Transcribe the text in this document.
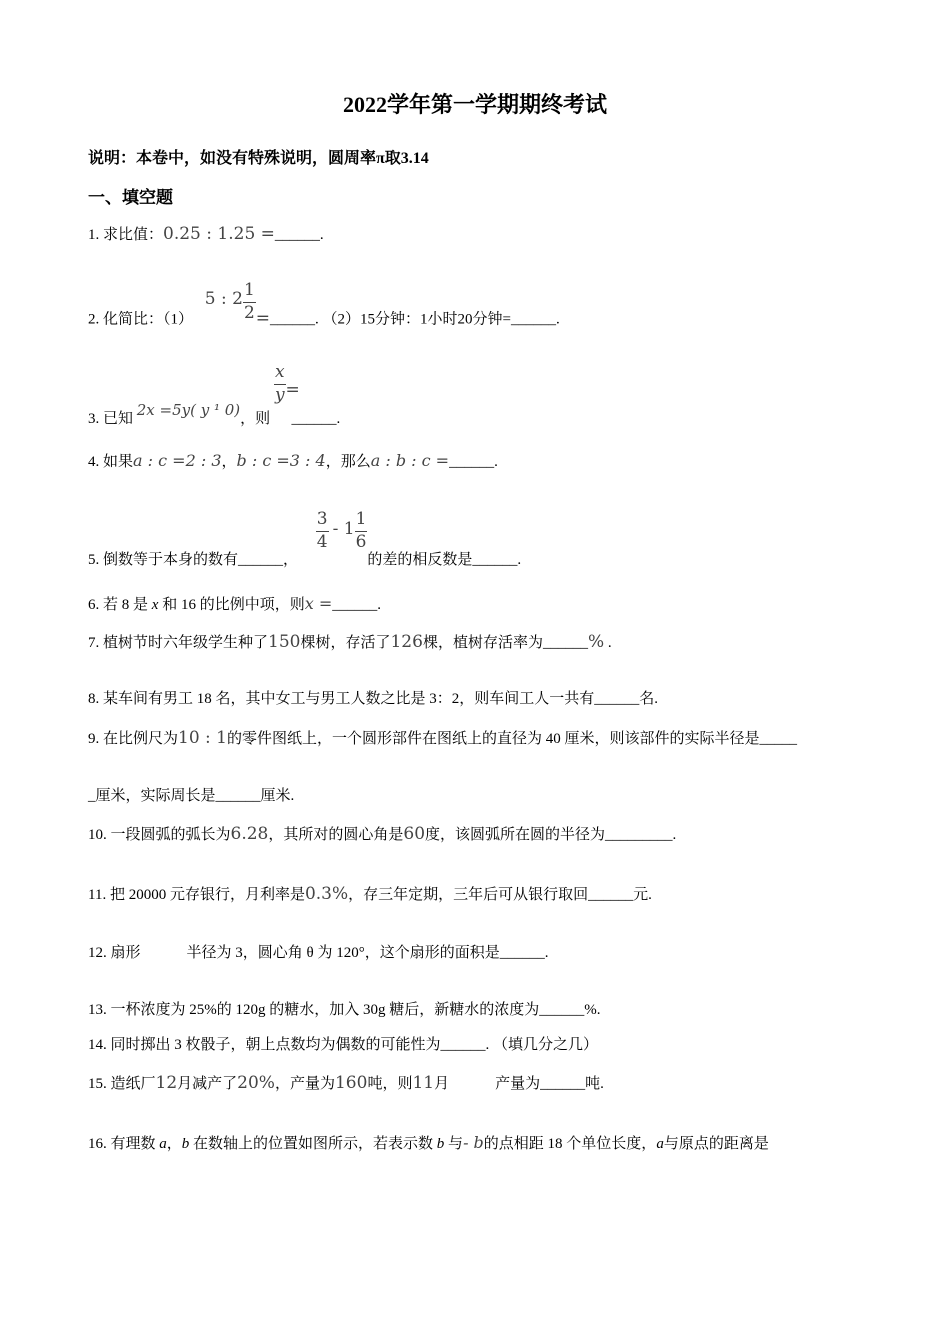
2022学年第一学期期终考试
说明：本卷中，如没有特殊说明，圆周率π取3.14
一、填空题
1. 求比值：0.25 : 1.25 =______.
2. 化简比：（1） 5 : $2 \frac{1}{2}$ =______. （2）15分钟：1小时20分钟=______.
3. 已知 2x =5y( y ¹ 0)，则
$\frac{x}{y}$ = ______.
4. 如果a : c =2 : 3，b : c =3 : 4，那么a : b : c =______.
5. 倒数等于本身的数有______，
$\frac{3}{4} - 1 \frac{1}{6}$
的差的相反数是______.
6. 若 8 是 x 和 16 的比例中项，则x =______.
7. 植树节时六年级学生种了150棵树，存活了126棵，植树存活率为______% .
8. 某车间有男工 18 名，其中女工与男工人数之比是 3：2，则车间工人一共有______名.
9. 在比例尺为10 : 1的零件图纸上，一个圆形部件在图纸上的直径为 40 厘米，则该部件的实际半径是_____
_厘米，实际周长是______厘米.
10. 一段圆弧的弧长为6.28，其所对的圆心角是60度，该圆弧所在圆的半径为_________.
11. 把 20000 元存银行，月利率是0.3%，存三年定期，三年后可从银行取回______元.
12. 扇形	半径为 3，圆心角 θ 为 120°，这个扇形的面积是______.
13. 一杯浓度为 25%的 120g 的糖水，加入 30g 糖后，新糖水的浓度为______%.
14. 同时掷出 3 枚骰子，朝上点数均为偶数的可能性为______. （填几分之几）
15. 造纸厂12月减产了20%，产量为160吨，则11月	产量为______吨.
16. 有理数 a，b 在数轴上的位置如图所示，若表示数 b 与- b的点相距 18 个单位长度，a与原点的距离是
